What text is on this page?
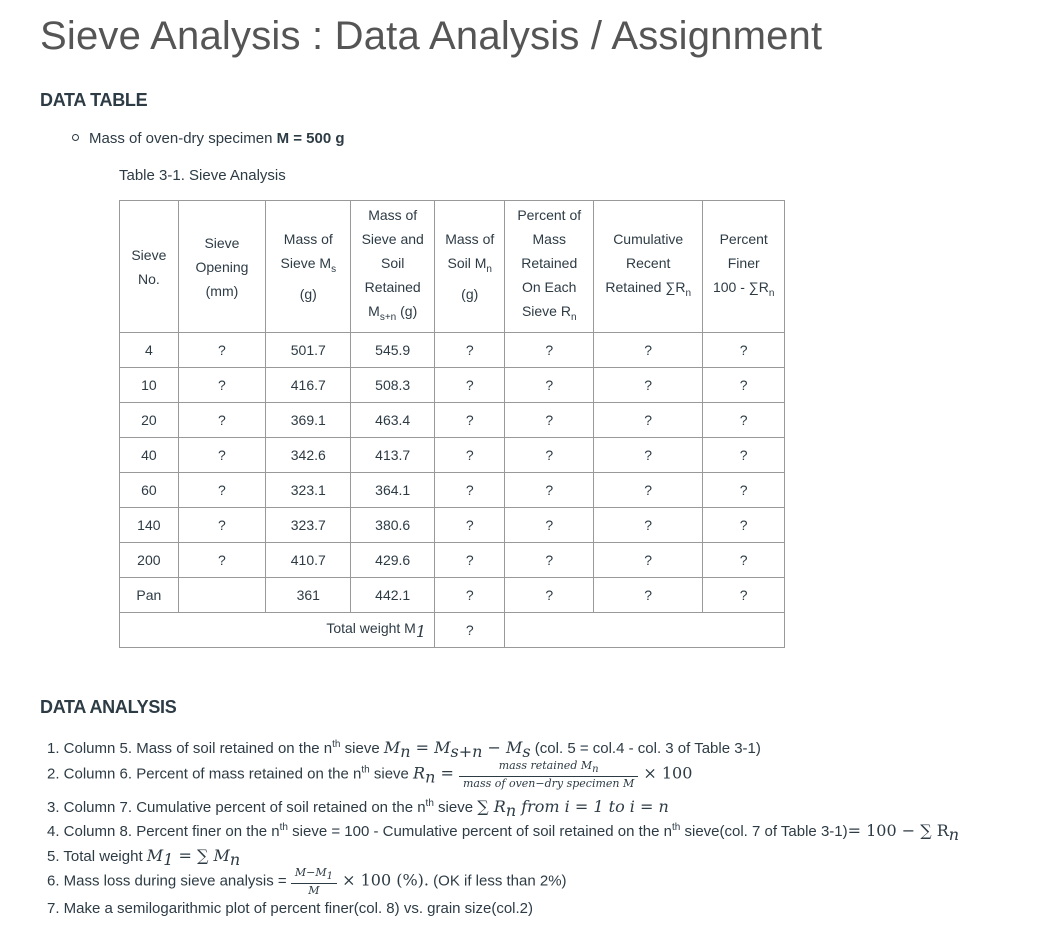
Sieve Analysis : Data Analysis / Assignment
DATA TABLE
Mass of oven-dry specimen M = 500 g
Table 3-1. Sieve Analysis
Sieve
No.	Sieve
Opening
(mm)	Mass of
Sieve $M_s$
(g)	Mass of
Sieve and
Soil
Retained
$M_{s+n}$ (g)	Mass of
Soil $M_n$
(g)	Percent of
Mass
Retained
On Each
Sieve $R_n$	Cumulative
Recent
Retained $\sum R_n$	Percent
Finer
$100 - \sum R_n$
4	?	501.7	545.9	?	?	?	?
10	?	416.7	508.3	?	?	?	?
20	?	369.1	463.4	?	?	?	?
40	?	342.6	413.7	?	?	?	?
60	?	323.1	364.1	?	?	?	?
140	?	323.7	380.6	?	?	?	?
200	?	410.7	429.6	?	?	?	?
Pan		361	442.1	?	?	?	?
Total weight $M_1$				?			
DATA ANALYSIS
1. Column 5. Mass of soil retained on the $n^{th}$ sieve $M_n = M_{s+n} - M_s$ (col. 5 = col.4 - col. 3 of Table 3-1)
2. Column 6. Percent of mass retained on the $n^{th}$ sieve $R_n = \frac{mass retained M_n}{\text{mass of oven−dry specimen M}} \times 100$
3. Column 7. Cumulative percent of soil retained on the $n^{th}$ sieve ∑ $R_n$ from i = 1 to i = n
4. Column 8. Percent finer on the $n^{th}$ sieve = 100 - Cumulative percent of soil retained on the $n^{th}$ sieve(col. 7 of Table 3-1)= 100 − ∑ $R_n$
5. Total weight $M_1$ = ∑ $M_n$
6. Mass loss during sieve analysis = $\frac{M-M_1}{M} \times 100$ (%). (OK if less than 2%)
7. Make a semilogarithmic plot of percent finer(col. 8) vs. grain size(col.2)
